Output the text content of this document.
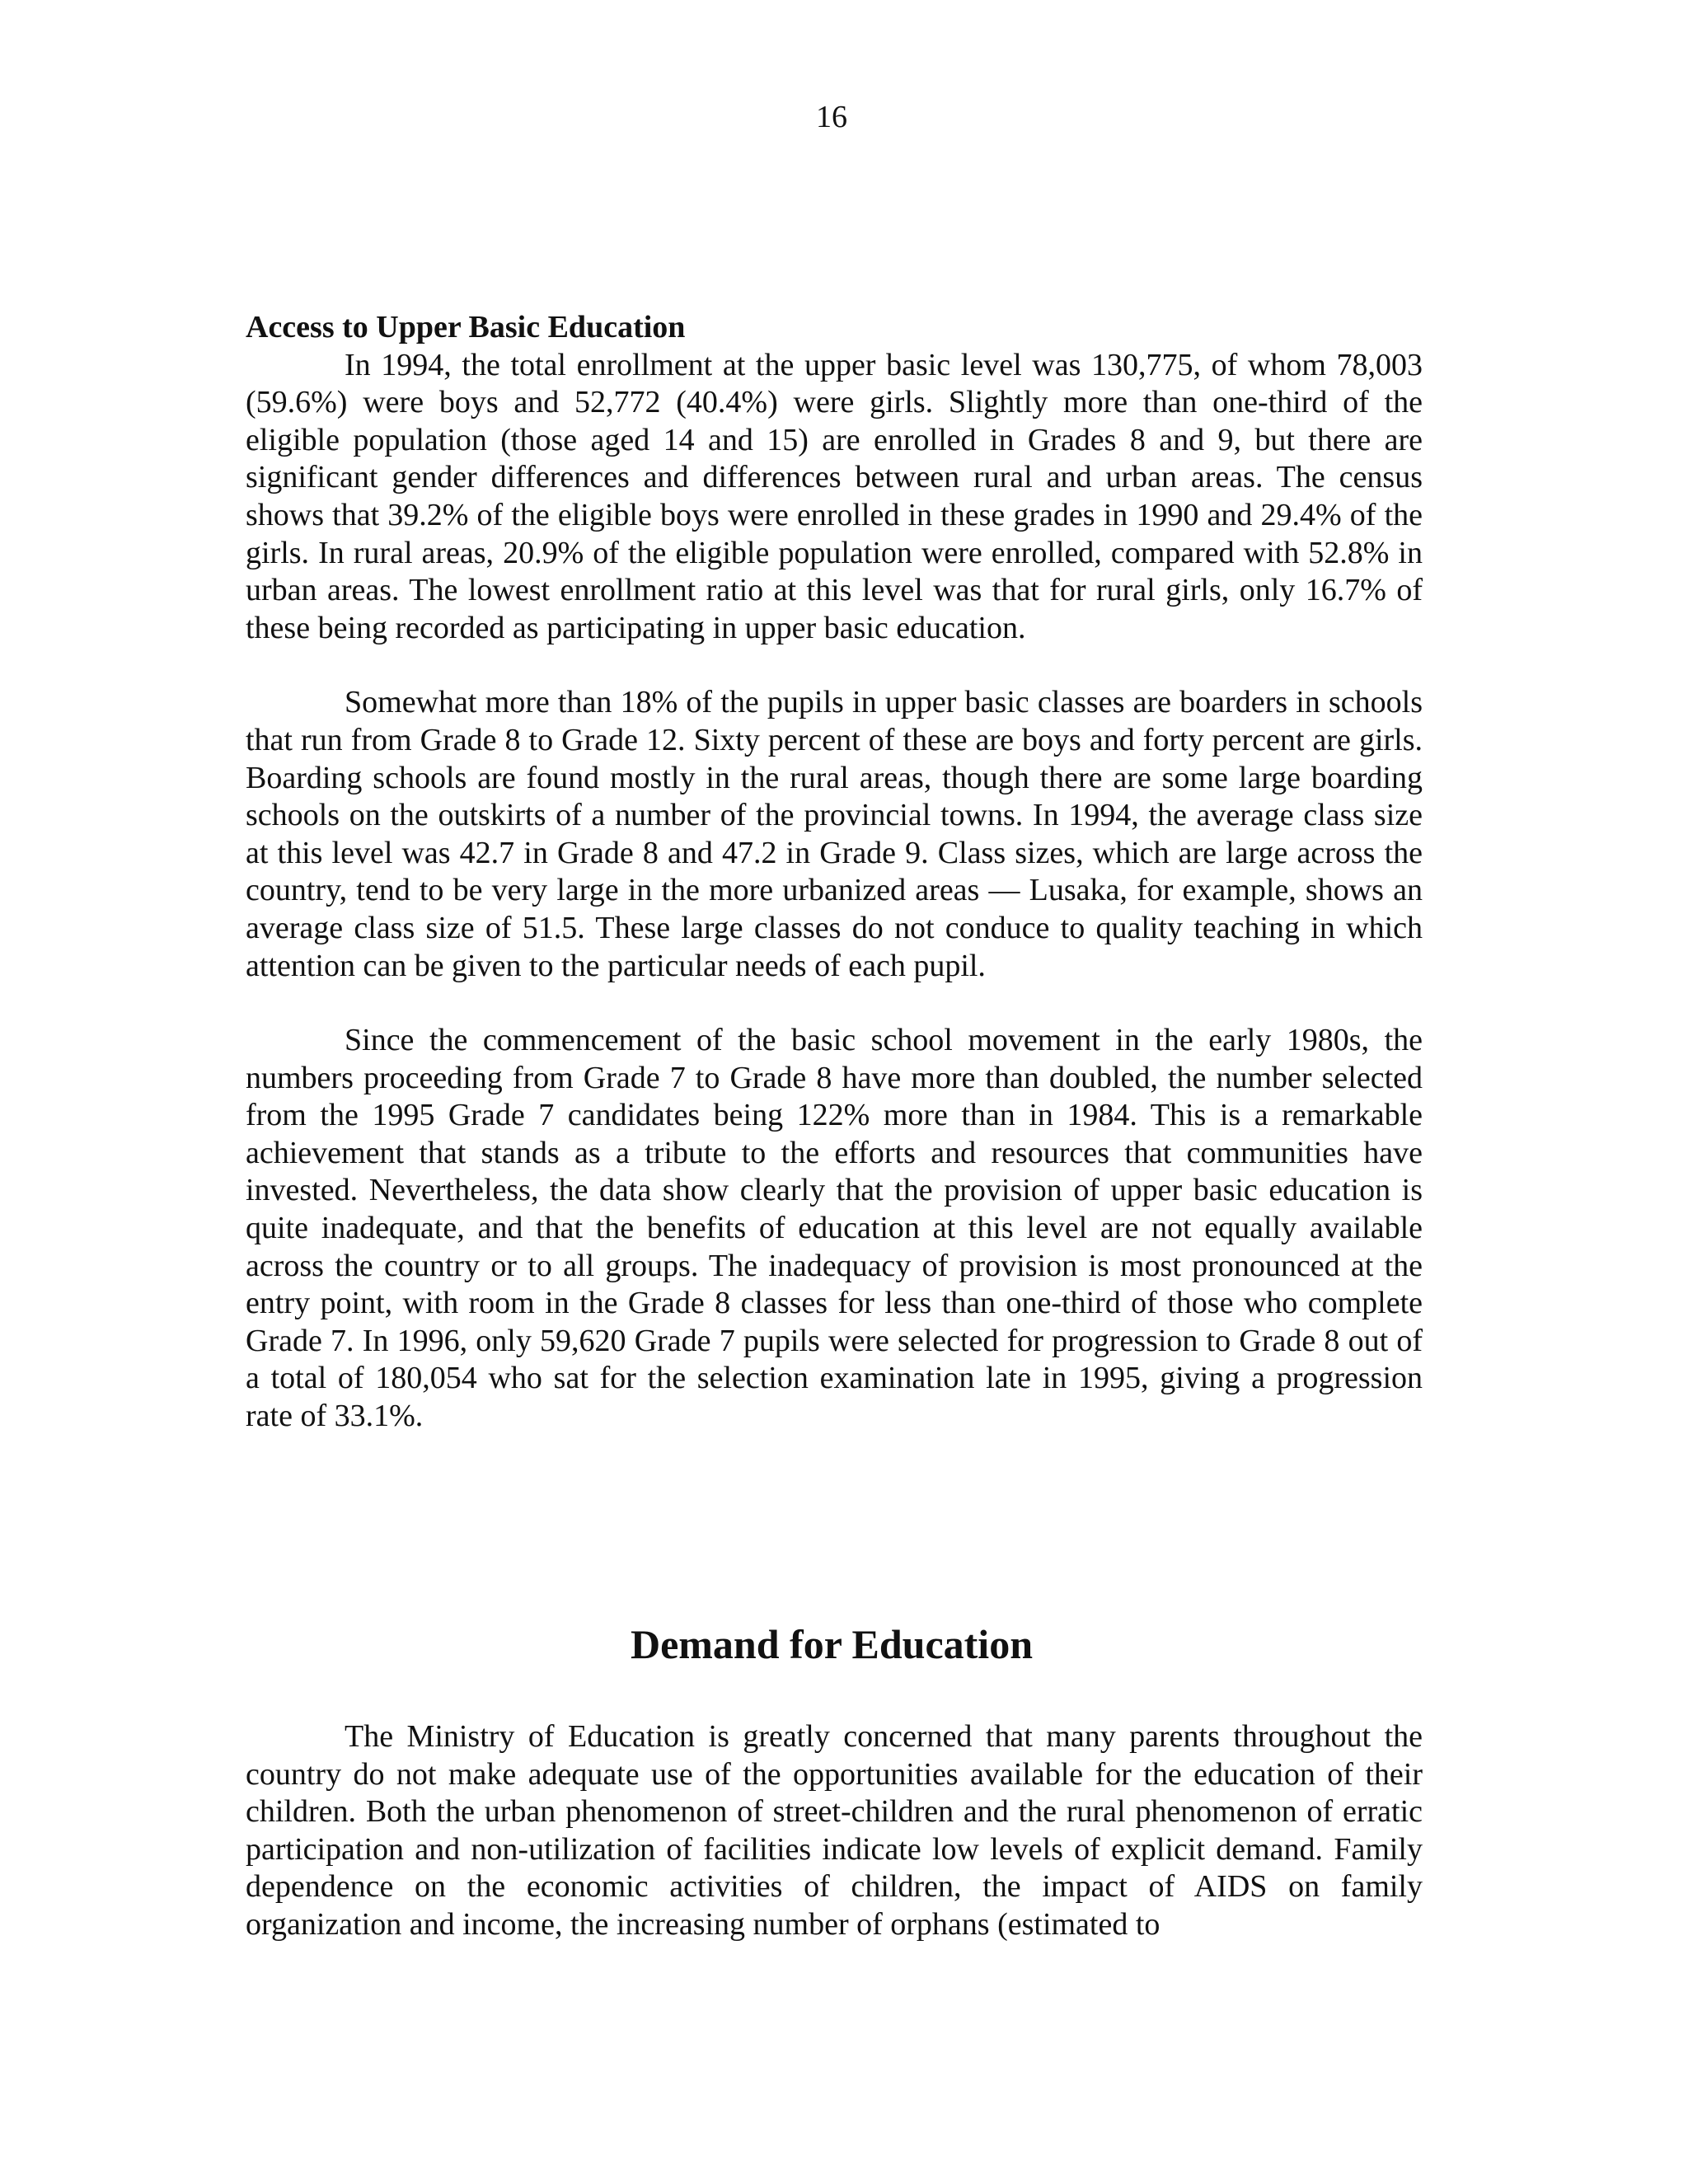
16
Access to Upper Basic Education

In 1994, the total enrollment at the upper basic level was 130,775, of whom 78,003 (59.6%) were boys and 52,772 (40.4%) were girls. Slightly more than one-third of the eligible population (those aged 14 and 15) are enrolled in Grades 8 and 9, but there are significant gender differences and differences between rural and urban areas. The census shows that 39.2% of the eligible boys were enrolled in these grades in 1990 and 29.4% of the girls. In rural areas, 20.9% of the eligible population were enrolled, compared with 52.8% in urban areas. The lowest enrollment ratio at this level was that for rural girls, only 16.7% of these being recorded as participating in upper basic education.

Somewhat more than 18% of the pupils in upper basic classes are boarders in schools that run from Grade 8 to Grade 12. Sixty percent of these are boys and forty percent are girls. Boarding schools are found mostly in the rural areas, though there are some large boarding schools on the outskirts of a number of the provincial towns. In 1994, the average class size at this level was 42.7 in Grade 8 and 47.2 in Grade 9. Class sizes, which are large across the country, tend to be very large in the more urbanized areas — Lusaka, for example, shows an average class size of 51.5. These large classes do not conduce to quality teaching in which attention can be given to the particular needs of each pupil.

Since the commencement of the basic school movement in the early 1980s, the numbers proceeding from Grade 7 to Grade 8 have more than doubled, the number selected from the 1995 Grade 7 candidates being 122% more than in 1984. This is a remarkable achievement that stands as a tribute to the efforts and resources that communities have invested. Nevertheless, the data show clearly that the provision of upper basic education is quite inadequate, and that the benefits of education at this level are not equally available across the country or to all groups. The inadequacy of provision is most pronounced at the entry point, with room in the Grade 8 classes for less than one-third of those who complete Grade 7. In 1996, only 59,620 Grade 7 pupils were selected for progression to Grade 8 out of a total of 180,054 who sat for the selection examination late in 1995, giving a progression rate of 33.1%.

Demand for Education

The Ministry of Education is greatly concerned that many parents throughout the country do not make adequate use of the opportunities available for the education of their children. Both the urban phenomenon of street-children and the rural phenomenon of erratic participation and non-utilization of facilities indicate low levels of explicit demand. Family dependence on the economic activities of children, the impact of AIDS on family organization and income, the increasing number of orphans (estimated to
